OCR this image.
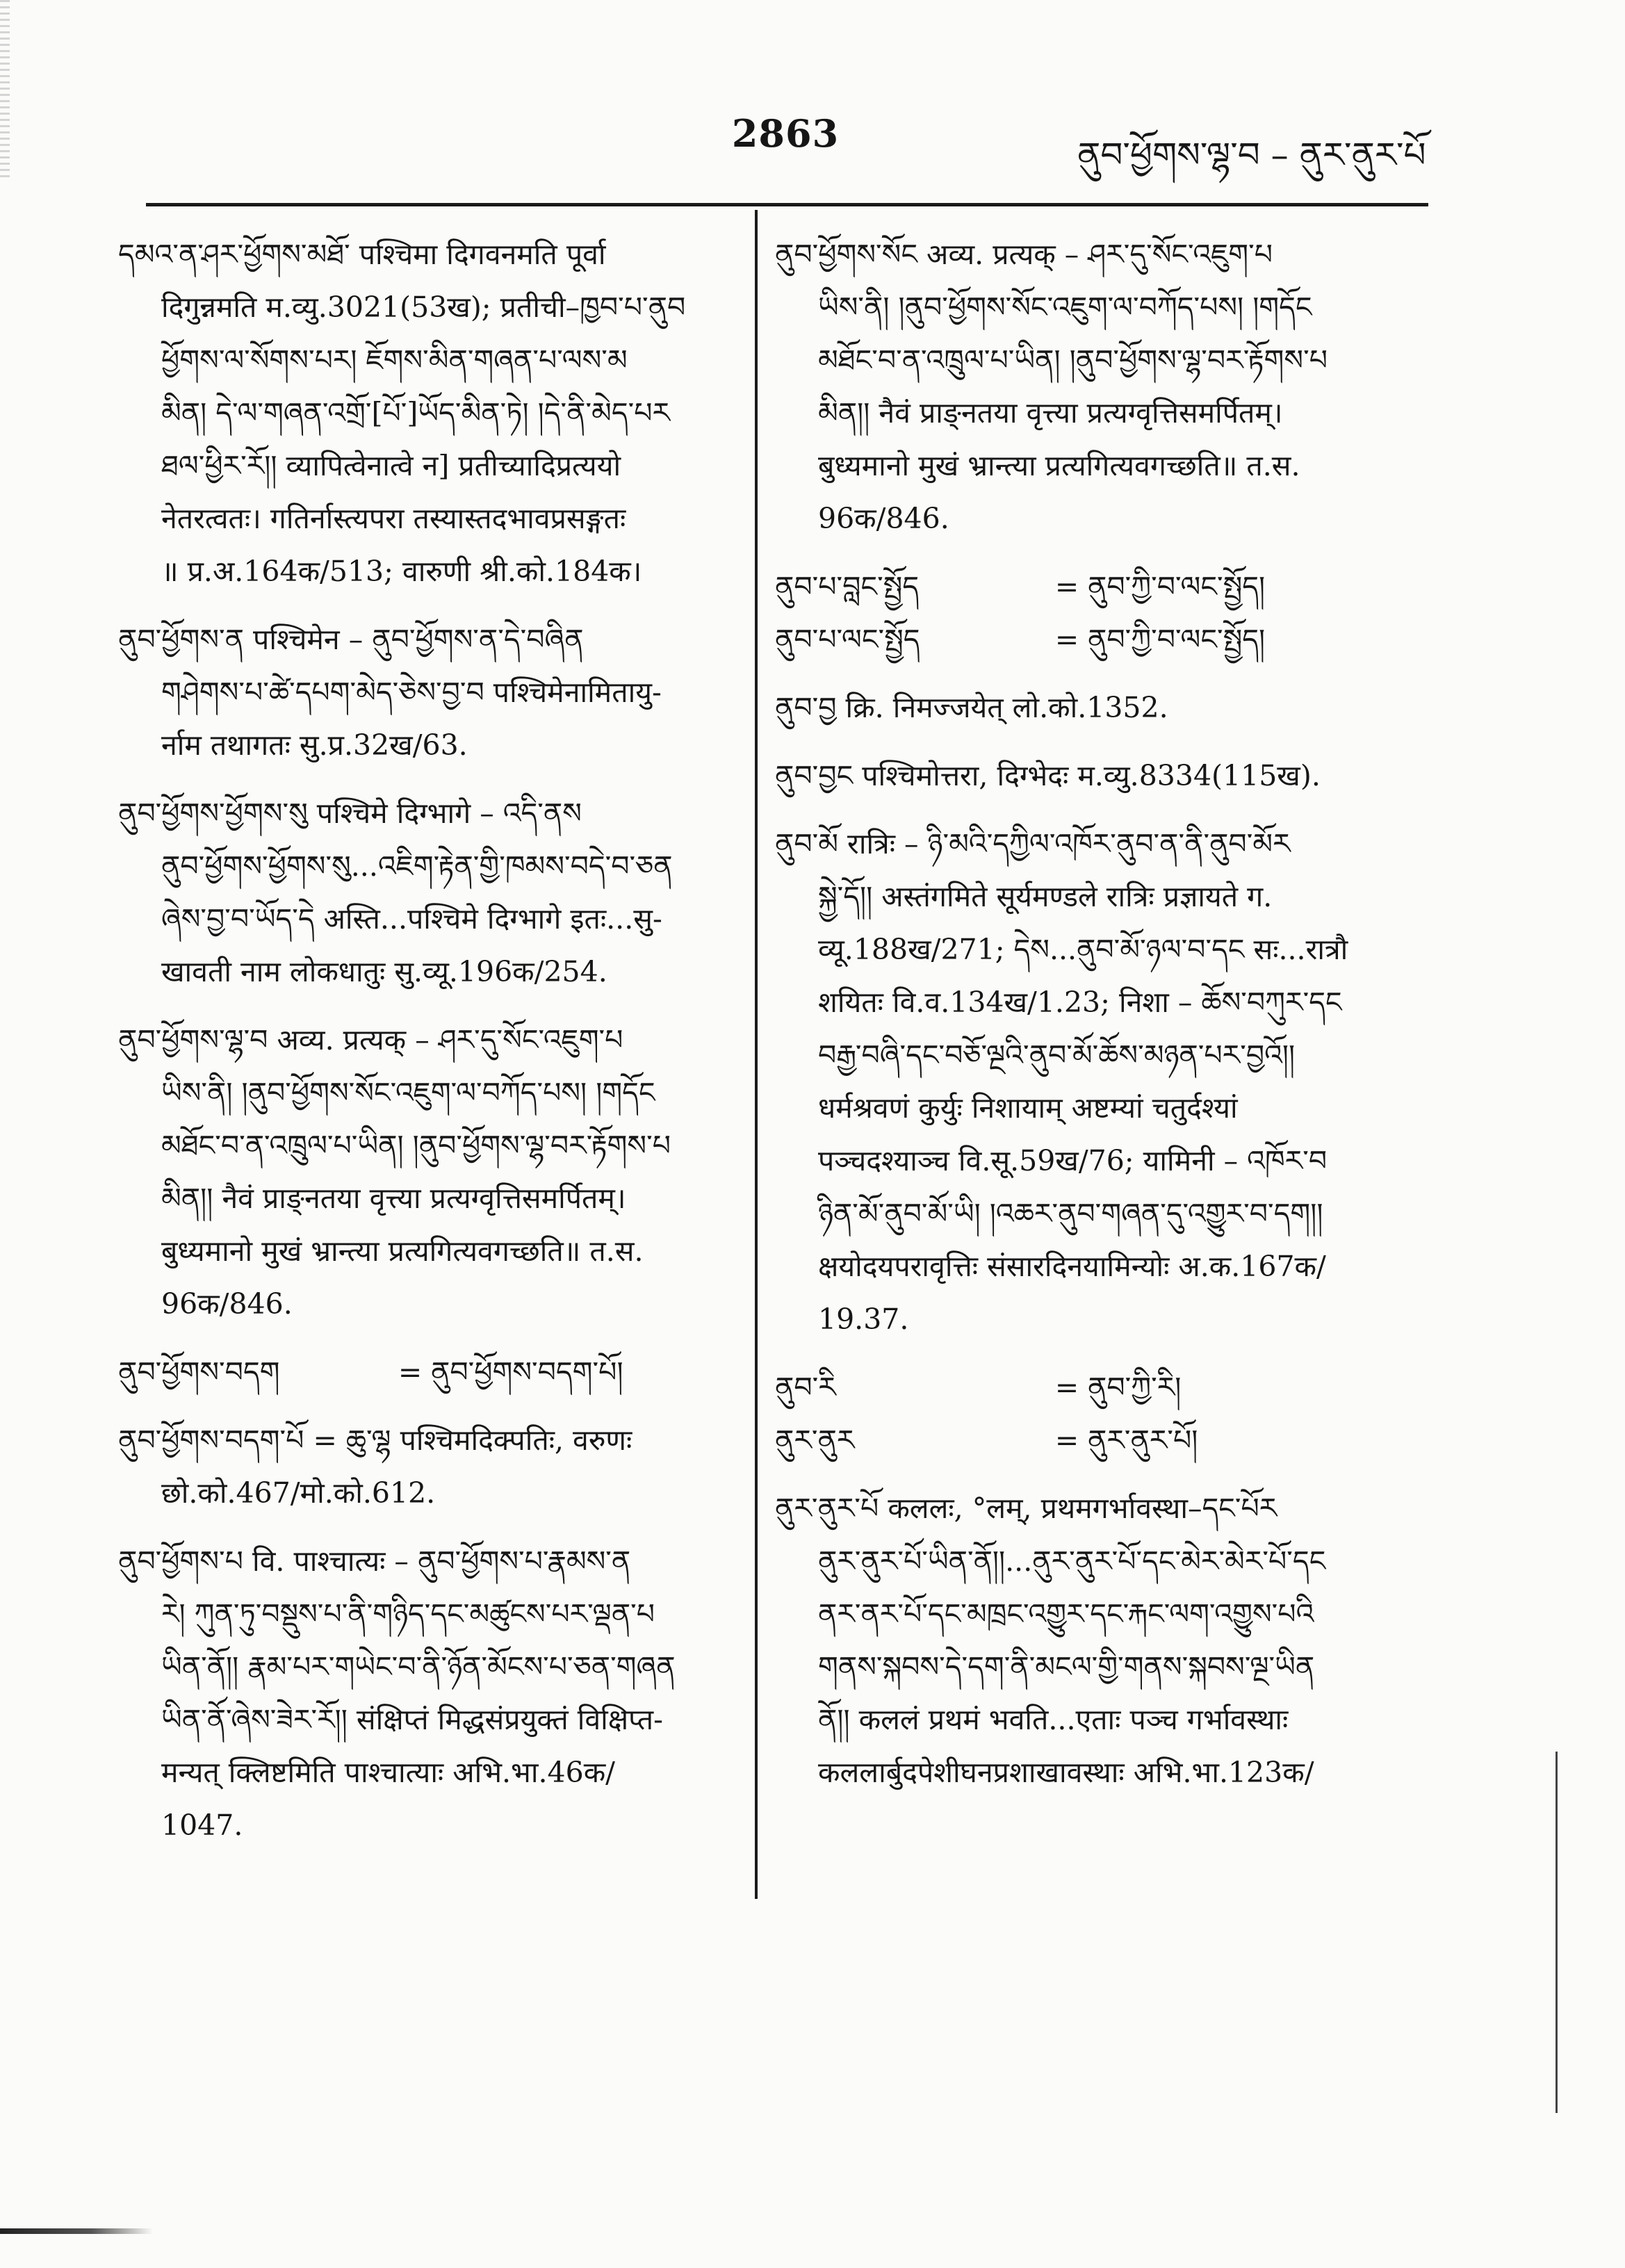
2863	ནུབ་ཕྱོགས་ལྷ་བ – ནུར་ནུར་པོ
དམའ་ན་ཤར་ཕྱོགས་མཐོ་ पश्चिमा दिगवनमति पूर्वा
दिगुन्नमति म.व्यु.3021(53ख); प्रतीची–ཁྱབ་པ་ནུབ
ཕྱོགས་ལ་སོགས་པར། ཇོགས་མིན་གཞན་པ་ལས་མ
མིན། དེ་ལ་གཞན་འགྲོ་[པོ་]ཡོད་མིན་ཏེ། །དེ་ནི་མེད་པར
ཐལ་ཕྱིར་རོ།། व्यापित्वेनात्वे न] प्रतीच्यादिप्रत्ययो
नेतरत्वतः। गतिर्नास्त्यपरा तस्यास्तदभावप्रसङ्गतः
॥ प्र.अ.164क/513; वारुणी श्री.को.184क।
ནུབ་ཕྱོགས་ན पश्चिमेन – ནུབ་ཕྱོགས་ན་དེ་བཞིན
གཤེགས་པ་ཚེ་དཔག་མེད་ཅེས་བྱ་བ पश्चिमेनामितायु-
र्नाम तथागतः सु.प्र.32ख/63.
ནུབ་ཕྱོགས་ཕྱོགས་སུ पश्चिमे दिग्भागे – འདི་ནས
ནུབ་ཕྱོགས་ཕྱོགས་སུ...འཇིག་རྟེན་གྱི་ཁམས་བདེ་བ་ཅན
ཞེས་བྱ་བ་ཡོད་དེ अस्ति...पश्चिमे दिग्भागे इतः...सु-
खावती नाम लोकधातुः सु.व्यू.196क/254.
ནུབ་ཕྱོགས་ལྷ་བ अव्य. प्रत्यक् – ཤར་དུ་སོང་འཇུག་པ
ཡིས་ནི། །ནུབ་ཕྱོགས་སོང་འཇུག་ལ་བཀོད་པས། །གདོང
མཐོང་བ་ན་འཁྲུལ་པ་ཡིན། །ནུབ་ཕྱོགས་ལྷ་བར་རྟོགས་པ
མིན།། नैवं प्राङ्नतया वृत्त्या प्रत्यग्वृत्तिसमर्पितम्।
बुध्यमानो मुखं भ्रान्त्या प्रत्यगित्यवगच्छति॥ त.स.
96क/846.
ནུབ་ཕྱོགས་བདག	= ནུབ་ཕྱོགས་བདག་པོ།
ནུབ་ཕྱོགས་བདག་པོ = ཆུ་ལྷ पश्चिमदिक्पतिः, वरुणः
छो.को.467/मो.को.612.
ནུབ་ཕྱོགས་པ वि. पाश्चात्यः – ནུབ་ཕྱོགས་པ་རྣམས་ན
རེ། ཀུན་ཏུ་བསྡུས་པ་ནི་གཉིད་དང་མཚུངས་པར་ལྡན་པ
ཡིན་ནོ།། རྣམ་པར་གཡེང་བ་ནི་ཉོན་མོངས་པ་ཅན་གཞན
ཡིན་ནོ་ཞེས་ཟེར་རོ།། संक्षिप्तं मिद्धसंप्रयुक्तं विक्षिप्त-
मन्यत् क्लिष्टमिति पाश्चात्याः अभि.भा.46क/
1047.
ནུབ་ཕྱོགས་སོང अव्य. प्रत्यक् – ཤར་དུ་སོང་འཇུག་པ
ཡིས་ནི། །ནུབ་ཕྱོགས་སོང་འཇུག་ལ་བཀོད་པས། །གདོང
མཐོང་བ་ན་འཁྲུལ་པ་ཡིན། །ནུབ་ཕྱོགས་ལྷ་བར་རྟོགས་པ
མིན།། नैवं प्राङ्नतया वृत्त्या प्रत्यग्वृत्तिसमर्पितम्।
बुध्यमानो मुखं भ्रान्त्या प्रत्यगित्यवगच्छति॥ त.स.
96क/846.
ནུབ་པ་བླང་སྤྱོད	= ནུབ་ཀྱི་བ་ལང་སྤྱོད།
ནུབ་པ་ལང་སྤྱོད	= ནུབ་ཀྱི་བ་ལང་སྤྱོད།
ནུབ་བྱ क्रि. निमज्जयेत् लो.को.1352.
ནུབ་བྱང पश्चिमोत्तरा, दिग्भेदः म.व्यु.8334(115ख).
ནུབ་མོ रात्रिः – ཉི་མའི་དཀྱིལ་འཁོར་ནུབ་ན་ནི་ནུབ་མོར
སྐྱེ་དོ།། अस्तंगमिते सूर्यमण्डले रात्रिः प्रज्ञायते ग.
व्यू.188ख/271; དེས...ནུབ་མོ་ཉལ་བ་དང सः...रात्रौ
शयितः वि.व.134ख/1.23; निशा – ཆོས་བཀུར་དང
བརྒྱ་བཞི་དང་བཅོ་ལྔའི་ནུབ་མོ་ཆོས་མཉན་པར་བྱའོ།།
धर्मश्रवणं कुर्युः निशायाम् अष्टम्यां चतुर्दश्यां
पञ्चदश्याञ्च वि.सू.59ख/76; यामिनी – འཁོར་བ
ཉིན་མོ་ནུབ་མོ་ཡི། །འཆར་ནུབ་གཞན་དུ་འགྱུར་བ་དག།།
क्षयोदयपरावृत्तिः संसारदिनयामिन्योः अ.क.167क/
19.37.
ནུབ་རི	= ནུབ་ཀྱི་རི།
ནུར་ནུར	= ནུར་ནུར་པོ།
ནུར་ནུར་པོ कललः, °लम्, प्रथमगर्भावस्था–དང་པོར
ནུར་ནུར་པོ་ཡིན་ནོ།།...ནུར་ནུར་པོ་དང་མེར་མེར་པོ་དང
ནར་ནར་པོ་དང་མཁྲང་འགྱུར་དང་རྐང་ལག་འགྱུས་པའི
གནས་སྐབས་དེ་དག་ནི་མངལ་གྱི་གནས་སྐབས་ལྔ་ཡིན
ནོ།། कललं प्रथमं भवति...एताः पञ्च गर्भावस्थाः
कललार्बुदपेशीघनप्रशाखावस्थाः अभि.भा.123क/
